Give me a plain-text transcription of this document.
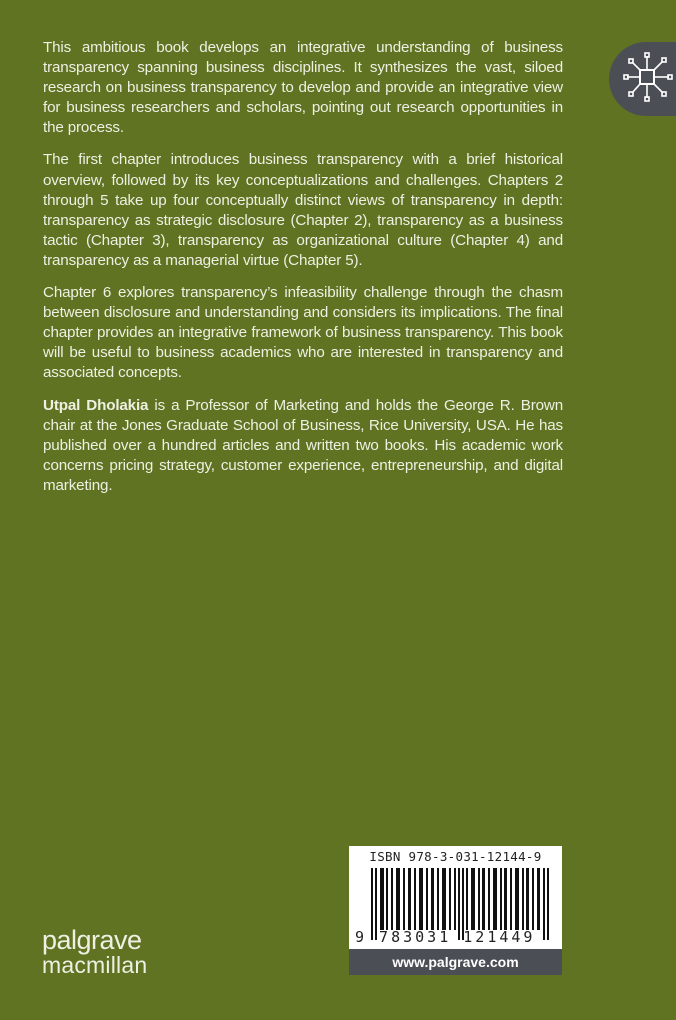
This ambitious book develops an integrative understanding of business transparency spanning business disciplines. It synthesizes the vast, siloed research on business transparency to develop and provide an integrative view for business researchers and scholars, pointing out research opportunities in the process.

The first chapter introduces business transparency with a brief historical overview, followed by its key conceptualizations and challenges. Chapters 2 through 5 take up four conceptually distinct views of transparency in depth: transparency as strategic disclosure (Chapter 2), transparency as a business tactic (Chapter 3), transparency as organizational culture (Chapter 4) and transparency as a managerial virtue (Chapter 5).

Chapter 6 explores transparency’s infeasibility challenge through the chasm between disclosure and understanding and considers its implications. The final chapter provides an integrative framework of business transparency. This book will be useful to business academics who are interested in transparency and associated concepts.

Utpal Dholakia is a Professor of Marketing and holds the George R. Brown chair at the Jones Graduate School of Business, Rice University, USA. He has published over a hundred articles and written two books. His academic work concerns pricing strategy, customer experience, entrepreneurship, and digital marketing.

ISBN 978-3-031-12144-9
9 783031 121449
www.palgrave.com
palgrave
macmillan
